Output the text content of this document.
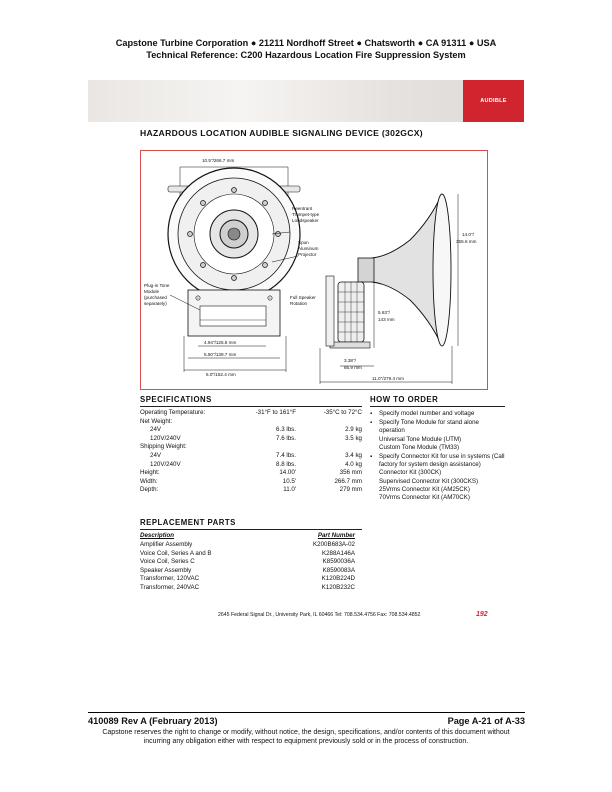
Capstone Turbine Corporation ● 21211 Nordhoff Street ● Chatsworth ● CA 91311 ● USA
Technical Reference: C200 Hazardous Location Fire Suppression System
AUDIBLE
HAZARDOUS LOCATION AUDIBLE SIGNALING DEVICE (302GCX)
10.5"/266.7 mm
4.94"/125.5 mm
5.50"/139.7 mm
6.0"/152.4 mm
Plug-in Tone
Module
(purchased
separately)
Reentrant
Trumpet-type
Loudspeaker
Spun
Aluminum
Projector
Full Speaker
Rotation
14.0"/
355.6 mm
5.63"/
143 mm
3.38"/
85.9 mm
11.0"/279.4 mm
SPECIFICATIONS
Operating Temperature:	-31°F to 161°F	-35°C to 72°C
Net Weight:
24V	6.3 lbs.	2.9 kg
120V/240V	7.6 lbs.	3.5 kg
Shipping Weight:
24V	7.4 lbs.	3.4 kg
120V/240V	8.8 lbs.	4.0 kg
Height:	14.00'	356 mm
Width:	10.5'	266.7 mm
Depth:	11.0'	279 mm
HOW TO ORDER
▪ Specify model number and voltage
▪ Specify Tone Module for stand alone operation
Universal Tone Module (UTM)
Custom Tone Module (TM33)
▪ Specify Connector Kit for use in systems (Call factory for system design assistance)
Connector Kit (300CK)
Supervised Connector Kit (300CKS)
25Vrms Connector Kit (AM25CK)
70Vrms Connector Kit (AM70CK)
REPLACEMENT PARTS
Description	Part Number
Amplifier Assembly	K200B683A-02
Voice Coil, Series A and B	K288A146A
Voice Coil, Series C	K8590036A
Speaker Assembly	K8590083A
Transformer, 120VAC	K120B224D
Transformer, 240VAC	K120B232C
2645 Federal Signal Dr., University Park, IL 60466 Tel: 708.534.4756 Fax: 708.534.4852	192
410089 Rev A (February 2013)	Page A-21 of A-33
Capstone reserves the right to change or modify, without notice, the design, specifications, and/or contents of this document without incurring any obligation either with respect to equipment previously sold or in the process of construction.
